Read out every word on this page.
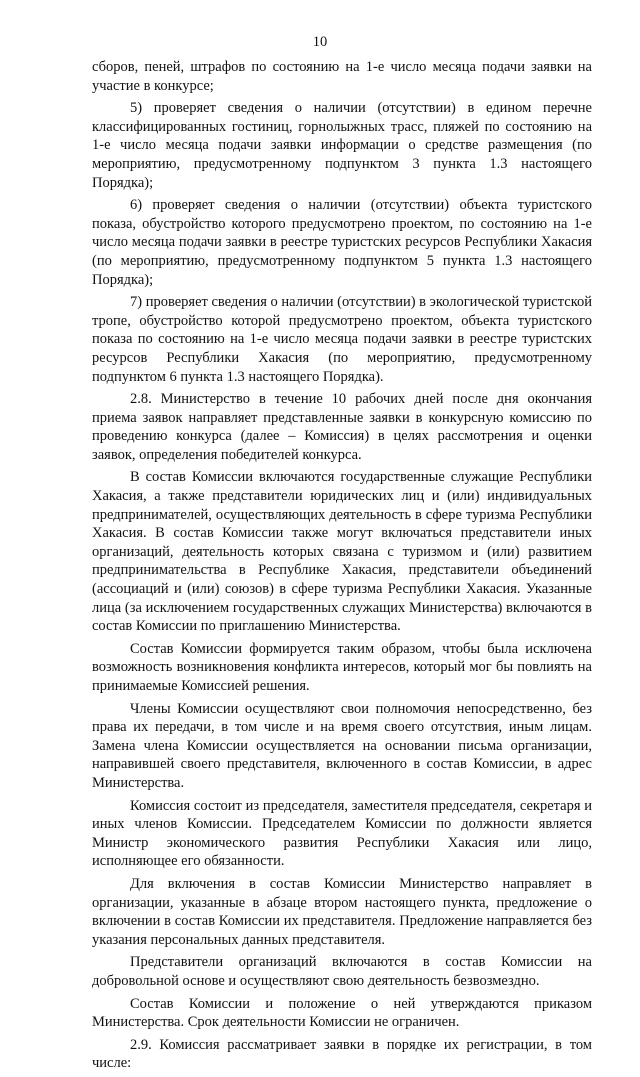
10

сборов, пеней, штрафов по состоянию на 1-е число месяца подачи заявки на участие в конкурсе;

5) проверяет сведения о наличии (отсутствии) в едином перечне классифицированных гостиниц, горнолыжных трасс, пляжей по состоянию на 1-е число месяца подачи заявки информации о средстве размещения (по мероприятию, предусмотренному подпунктом 3 пункта 1.3 настоящего Порядка);

6) проверяет сведения о наличии (отсутствии) объекта туристского показа, обустройство которого предусмотрено проектом, по состоянию на 1-е число месяца подачи заявки в реестре туристских ресурсов Республики Хакасия (по мероприятию, предусмотренному подпунктом 5 пункта 1.3 настоящего Порядка);

7) проверяет сведения о наличии (отсутствии) в экологической туристской тропе, обустройство которой предусмотрено проектом, объекта туристского показа по состоянию на 1-е число месяца подачи заявки в реестре туристских ресурсов Республики Хакасия (по мероприятию, предусмотренному подпунктом 6 пункта 1.3 настоящего Порядка).

2.8. Министерство в течение 10 рабочих дней после дня окончания приема заявок направляет представленные заявки в конкурсную комиссию по проведению конкурса (далее – Комиссия) в целях рассмотрения и оценки заявок, определения победителей конкурса.

В состав Комиссии включаются государственные служащие Республики Хакасия, а также представители юридических лиц и (или) индивидуальных предпринимателей, осуществляющих деятельность в сфере туризма Республики Хакасия. В состав Комиссии также могут включаться представители иных организаций, деятельность которых связана с туризмом и (или) развитием предпринимательства в Республике Хакасия, представители объединений (ассоциаций и (или) союзов) в сфере туризма Республики Хакасия. Указанные лица (за исключением государственных служащих Министерства) включаются в состав Комиссии по приглашению Министерства.

Состав Комиссии формируется таким образом, чтобы была исключена возможность возникновения конфликта интересов, который мог бы повлиять на принимаемые Комиссией решения.

Члены Комиссии осуществляют свои полномочия непосредственно, без права их передачи, в том числе и на время своего отсутствия, иным лицам. Замена члена Комиссии осуществляется на основании письма организации, направившей своего представителя, включенного в состав Комиссии, в адрес Министерства.

Комиссия состоит из председателя, заместителя председателя, секретаря и иных членов Комиссии. Председателем Комиссии по должности является Министр экономического развития Республики Хакасия или лицо, исполняющее его обязанности.

Для включения в состав Комиссии Министерство направляет в организации, указанные в абзаце втором настоящего пункта, предложение о включении в состав Комиссии их представителя. Предложение направляется без указания персональных данных представителя.

Представители организаций включаются в состав Комиссии на добровольной основе и осуществляют свою деятельность безвозмездно.

Состав Комиссии и положение о ней утверждаются приказом Министерства. Срок деятельности Комиссии не ограничен.

2.9. Комиссия рассматривает заявки в порядке их регистрации, в том числе:
